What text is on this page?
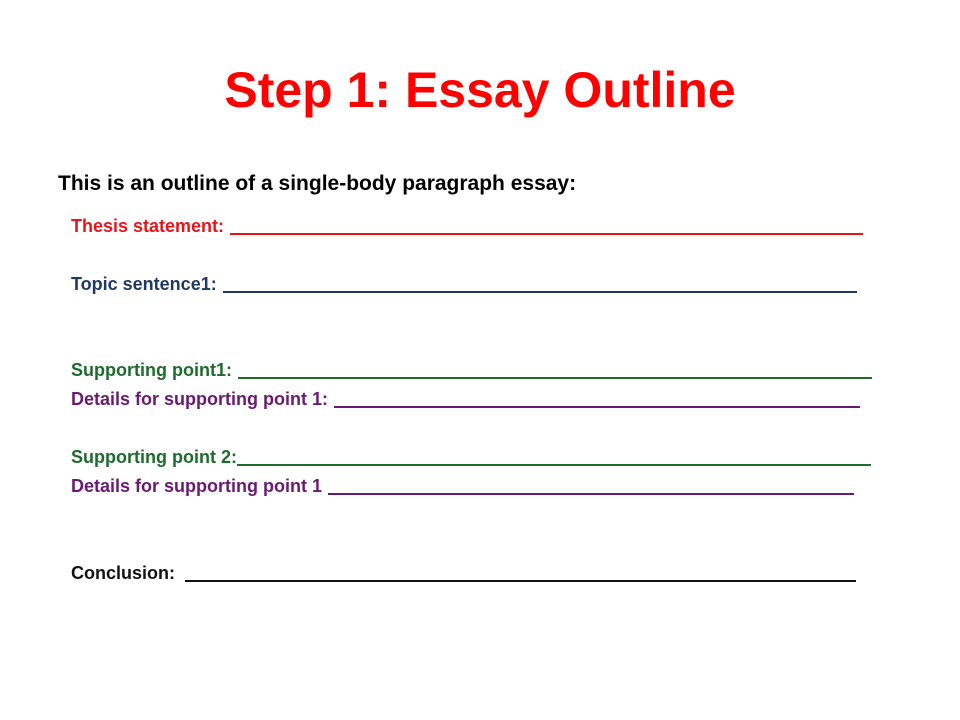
Step 1: Essay Outline
This is an outline of a single-body paragraph essay:
Thesis statement:
Topic sentence1:
Supporting point1:
Details for supporting point 1:
Supporting point 2:
Details for supporting point 1
Conclusion:
